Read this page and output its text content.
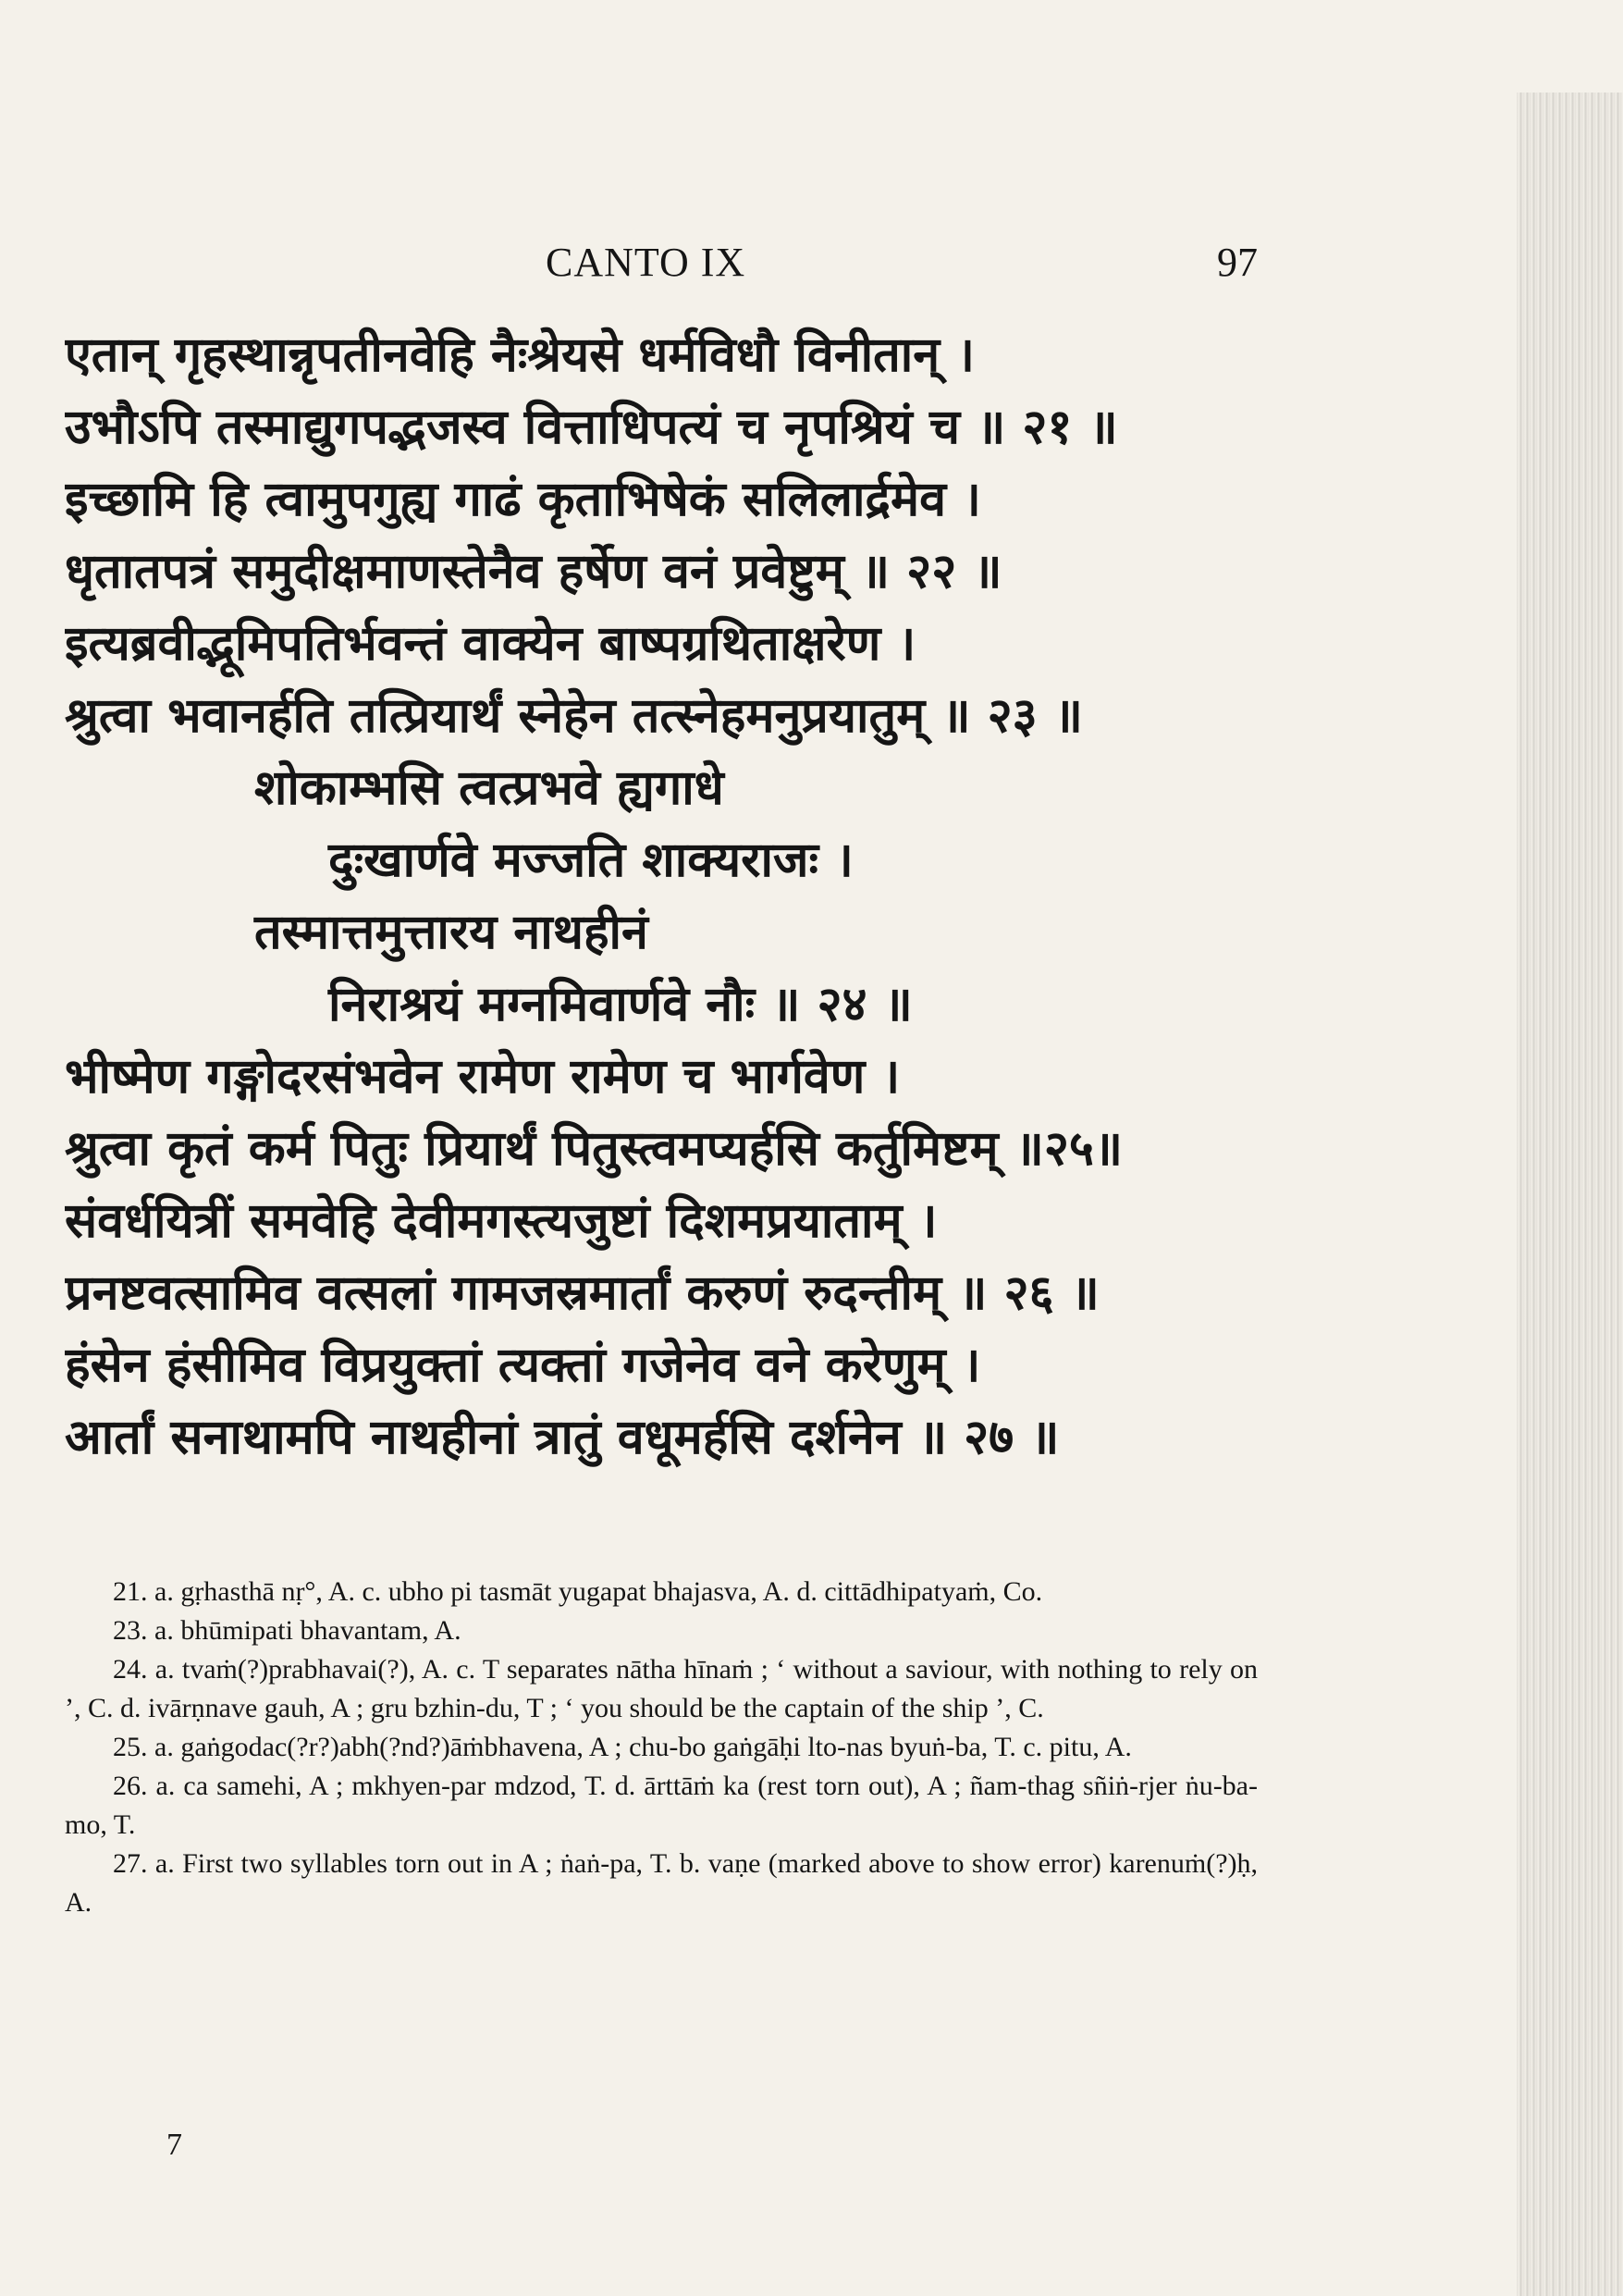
CANTO IX	97
एतान् गृहस्थान्नृपतीनवेहि नैःश्रेयसे धर्मविधौ विनीतान् ।
उभौऽपि तस्माद्युगपद्भजस्व वित्ताधिपत्यं च नृपश्रियं च ॥ २१ ॥
इच्छामि हि त्वामुपगुह्य गाढं कृताभिषेकं सलिलार्द्रमेव ।
धृतातपत्रं समुदीक्षमाणस्तेनैव हर्षेण वनं प्रवेष्टुम् ॥ २२ ॥
इत्यब्रवीद्भूमिपतिर्भवन्तं वाक्येन बाष्पग्रथिताक्षरेण ।
श्रुत्वा भवानर्हति तत्प्रियार्थं स्नेहेन तत्स्नेहमनुप्रयातुम् ॥ २३ ॥
शोकाम्भसि त्वत्प्रभवे ह्यगाधे
दुःखार्णवे मज्जति शाक्यराजः ।
तस्मात्तमुत्तारय नाथहीनं
निराश्रयं मग्नमिवार्णवे नौः ॥ २४ ॥
भीष्मेण गङ्गोदरसंभवेन रामेण रामेण च भार्गवेण ।
श्रुत्वा कृतं कर्म पितुः प्रियार्थं पितुस्त्वमप्यर्हसि कर्तुमिष्टम् ॥२५॥
संवर्धयित्रीं समवेहि देवीमगस्त्यजुष्टां दिशमप्रयाताम् ।
प्रनष्टवत्सामिव वत्सलां गामजस्रमार्तां करुणं रुदन्तीम् ॥ २६ ॥
हंसेन हंसीमिव विप्रयुक्तां त्यक्तां गजेनेव वने करेणुम् ।
आर्तां सनाथामपि नाथहीनां त्रातुं वधूमर्हसि दर्शनेन ॥ २७ ॥

21. a. gṛhasthā nṛ°, A. c. ubho pi tasmāt yugapat bhajasva, A. d. cittādhipatyaṁ, Co.

23. a. bhūmipati bhavantam, A.

24. a. tvaṁ(?)prabhavai(?), A. c. T separates nātha hīnaṁ ; ‘ without a saviour, with nothing to rely on ’, C. d. ivārṇnave gauh, A ; gru bzhin-du, T ; ‘ you should be the captain of the ship ’, C.

25. a. gaṅgodac(?r?)abh(?nd?)āṁbhavena, A ; chu-bo gaṅgāḥi lto-nas byuṅ-ba, T. c. pitu, A.

26. a. ca samehi, A ; mkhyen-par mdzod, T. d. ārttāṁ ka (rest torn out), A ; ñam-thag sñiṅ-rjer ṅu-ba-mo, T.

27. a. First two syllables torn out in A ; ṅaṅ-pa, T. b. vaṇe (marked above to show error) karenuṁ(?)ḥ, A.

7
